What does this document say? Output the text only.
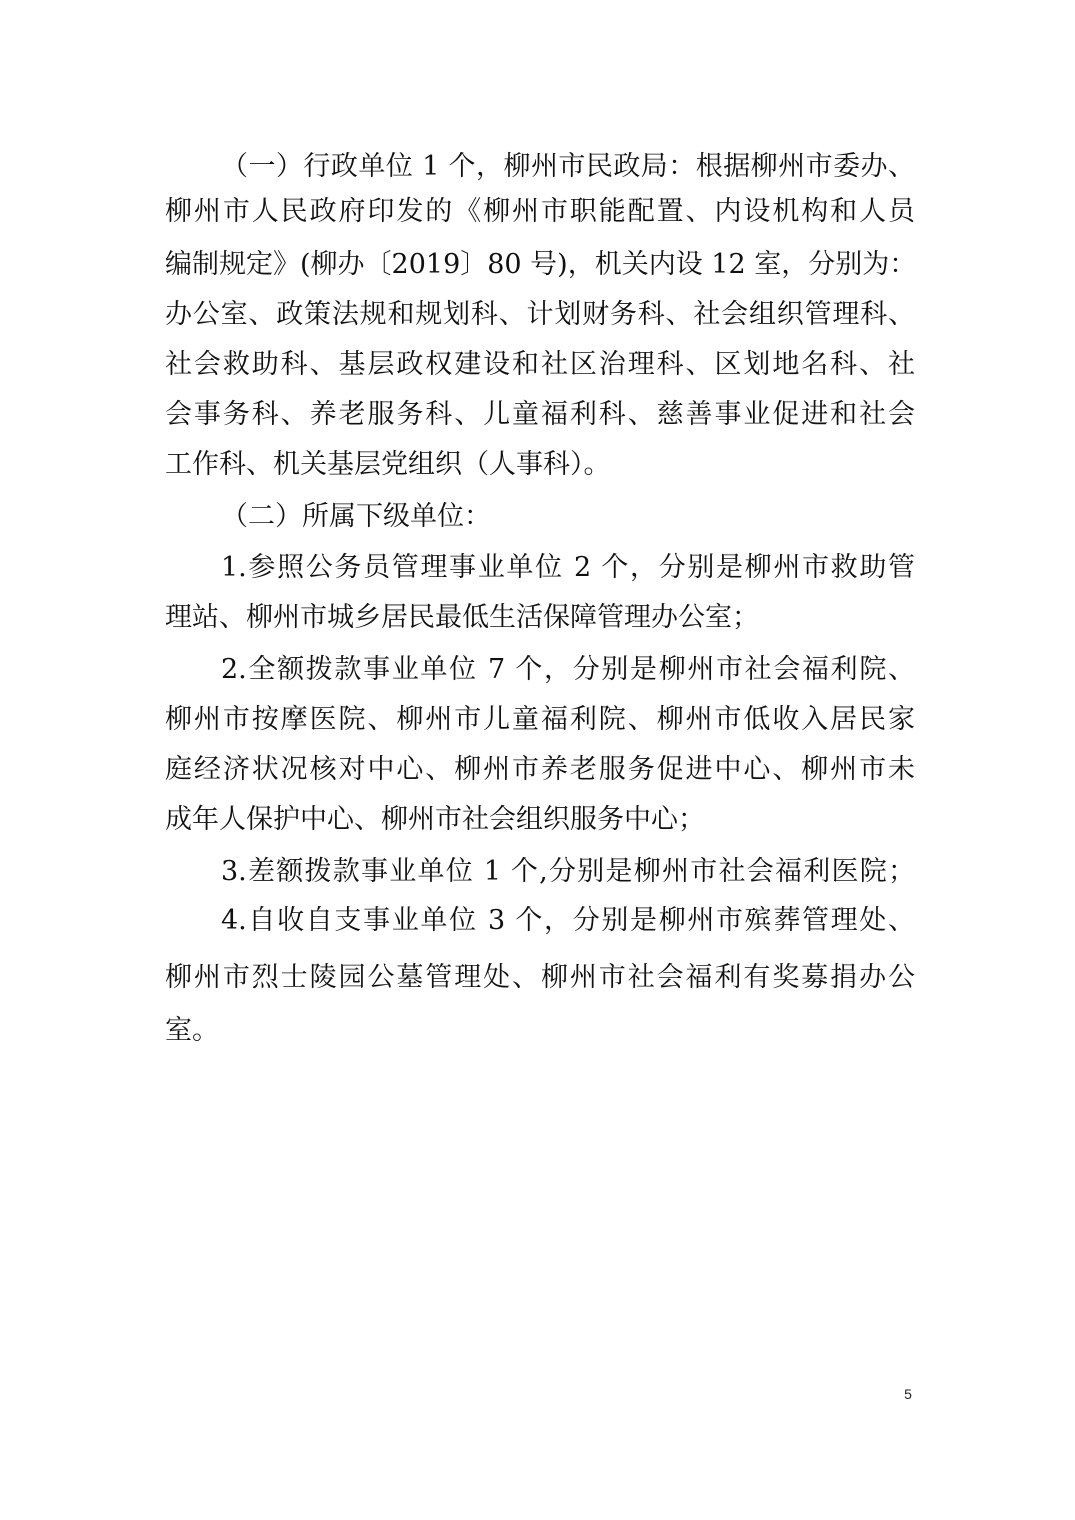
（一）行政单位 1 个，柳州市民政局：根据柳州市委办、
柳州市人民政府印发的《柳州市职能配置、内设机构和人员
编制规定》(柳办〔2019〕80 号)，机关内设 12 室，分别为：
办公室、政策法规和规划科、计划财务科、社会组织管理科、
社会救助科、基层政权建设和社区治理科、区划地名科、社
会事务科、养老服务科、儿童福利科、慈善事业促进和社会
工作科、机关基层党组织（人事科）。
（二）所属下级单位：
1.参照公务员管理事业单位 2 个，分别是柳州市救助管
理站、柳州市城乡居民最低生活保障管理办公室；
2.全额拨款事业单位 7 个，分别是柳州市社会福利院、
柳州市按摩医院、柳州市儿童福利院、柳州市低收入居民家
庭经济状况核对中心、柳州市养老服务促进中心、柳州市未
成年人保护中心、柳州市社会组织服务中心；
3.差额拨款事业单位 1 个,分别是柳州市社会福利医院；
4.自收自支事业单位 3 个，分别是柳州市殡葬管理处、
柳州市烈士陵园公墓管理处、柳州市社会福利有奖募捐办公
室。
5
